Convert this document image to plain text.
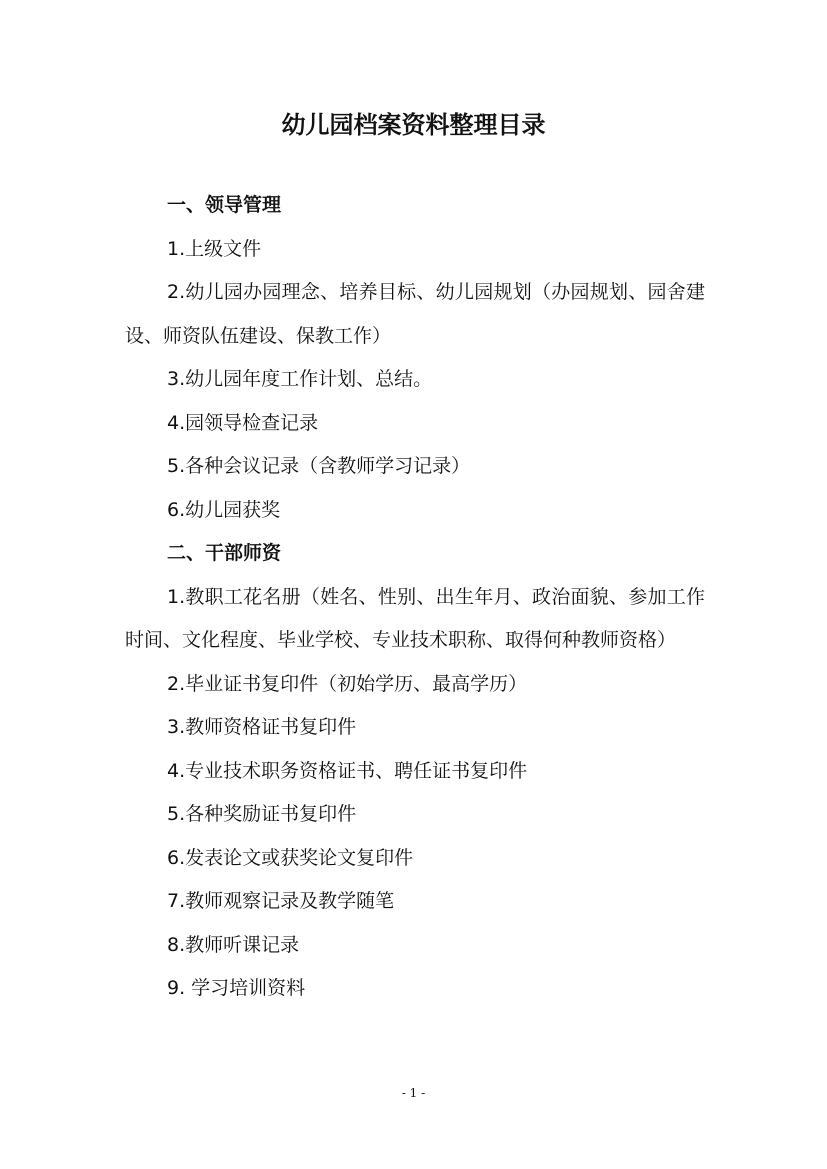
幼儿园档案资料整理目录

一、领导管理

1.上级文件

2.幼儿园办园理念、培养目标、幼儿园规划（办园规划、园舍建设、师资队伍建设、保教工作）

3.幼儿园年度工作计划、总结。

4.园领导检查记录

5.各种会议记录（含教师学习记录）

6.幼儿园获奖

二、干部师资

1.教职工花名册（姓名、性别、出生年月、政治面貌、参加工作时间、文化程度、毕业学校、专业技术职称、取得何种教师资格）

2.毕业证书复印件（初始学历、最高学历）

3.教师资格证书复印件

4.专业技术职务资格证书、聘任证书复印件

5.各种奖励证书复印件

6.发表论文或获奖论文复印件

7.教师观察记录及教学随笔

8.教师听课记录

9. 学习培训资料

- 1 -
